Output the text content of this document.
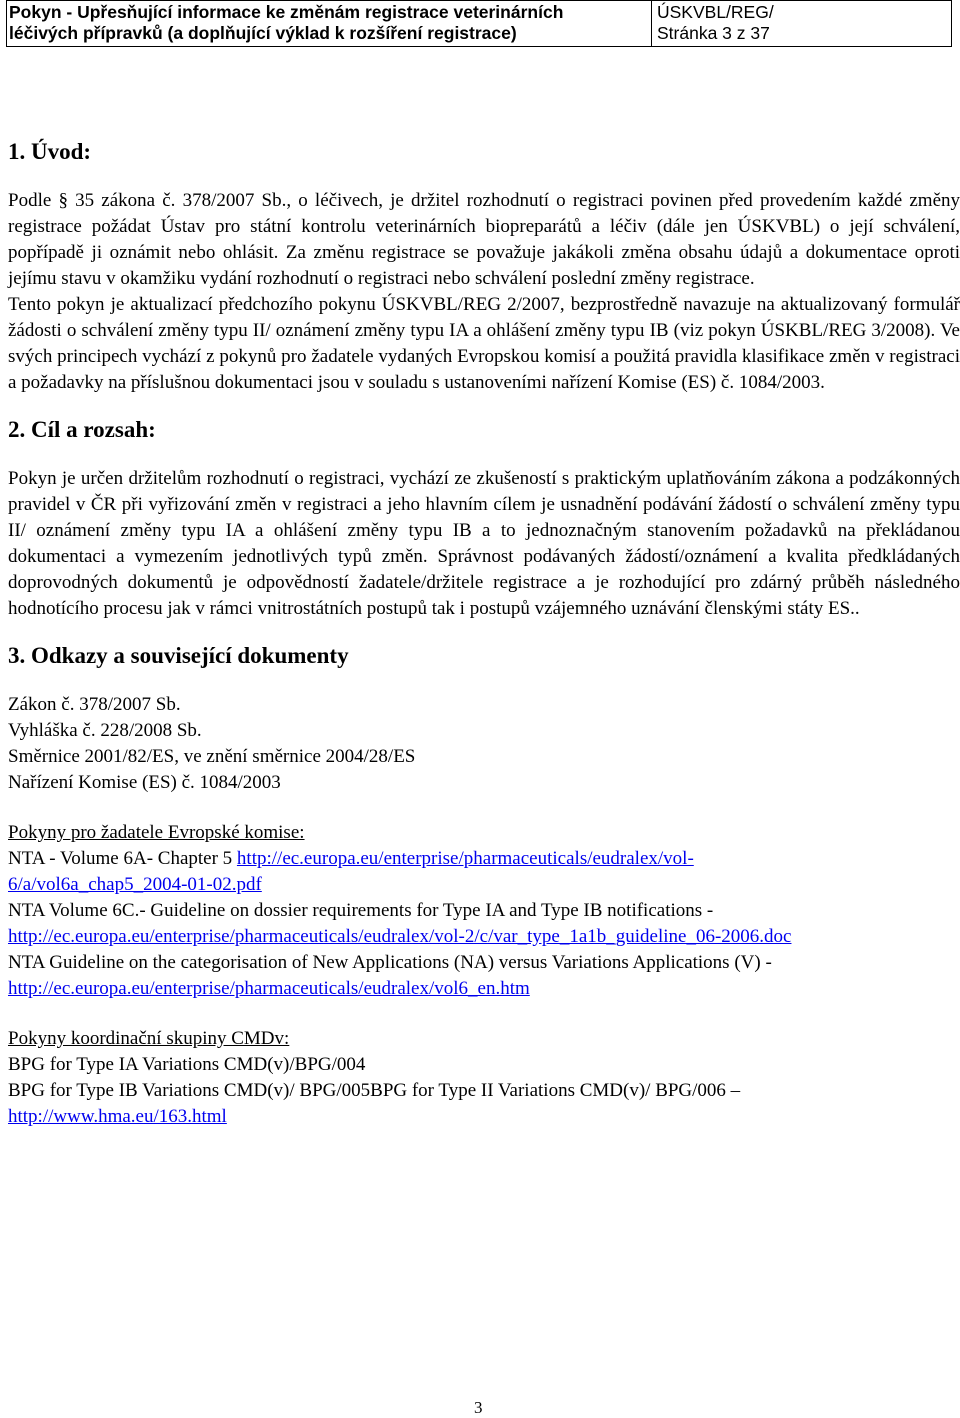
Pokyn - Upřesňující informace ke změnám registrace veterinárních
léčivých přípravků (a doplňující výklad k rozšíření registrace)
ÚSKVBL/REG/
Stránka 3 z 37
1. Úvod:

Podle § 35 zákona č. 378/2007 Sb., o léčivech, je držitel rozhodnutí o registraci povinen před provedením každé změny registrace požádat Ústav pro státní kontrolu veterinárních biopreparátů a léčiv (dále jen ÚSKVBL) o její schválení, popřípadě ji oznámit nebo ohlásit. Za změnu registrace se považuje jakákoli změna obsahu údajů a dokumentace oproti jejímu stavu v okamžiku vydání rozhodnutí o registraci nebo schválení poslední změny registrace.

Tento pokyn je aktualizací předchozího pokynu ÚSKVBL/REG 2/2007, bezprostředně navazuje na aktualizovaný formulář žádosti o schválení změny typu II/ oznámení změny typu IA a ohlášení změny typu IB (viz pokyn ÚSKBL/REG 3/2008). Ve svých principech vychází z pokynů pro žadatele vydaných Evropskou komisí a použitá pravidla klasifikace změn v registraci a požadavky na příslušnou dokumentaci jsou v souladu s ustanoveními nařízení Komise (ES) č. 1084/2003.

2. Cíl a rozsah:

Pokyn je určen držitelům rozhodnutí o registraci, vychází ze zkušeností s praktickým uplatňováním zákona a podzákonných pravidel v ČR při vyřizování změn v registraci a jeho hlavním cílem je usnadnění podávání žádostí o schválení změny typu II/ oznámení změny typu IA a ohlášení změny typu IB a to jednoznačným stanovením požadavků na překládanou dokumentaci a vymezením jednotlivých typů změn. Správnost podávaných žádostí/oznámení a kvalita předkládaných doprovodných dokumentů je odpovědností žadatele/držitele registrace a je rozhodující pro zdárný průběh následného hodnotícího procesu jak v rámci vnitrostátních postupů tak i postupů vzájemného uznávání členskými státy ES..

3. Odkazy a související dokumenty
Zákon č. 378/2007 Sb.
Vyhláška č. 228/2008 Sb.
Směrnice 2001/82/ES, ve znění směrnice 2004/28/ES
Nařízení Komise (ES) č. 1084/2003
Pokyny pro žadatele Evropské komise:
NTA - Volume 6A- Chapter 5 http://ec.europa.eu/enterprise/pharmaceuticals/eudralex/vol-
6/a/vol6a_chap5_2004-01-02.pdf
NTA Volume 6C.- Guideline on dossier requirements for Type IA and Type IB notifications -
http://ec.europa.eu/enterprise/pharmaceuticals/eudralex/vol-2/c/var_type_1a1b_guideline_06-2006.doc
NTA Guideline on the categorisation of New Applications (NA) versus Variations Applications (V) -
http://ec.europa.eu/enterprise/pharmaceuticals/eudralex/vol6_en.htm
Pokyny koordinační skupiny CMDv:
BPG for Type IA Variations CMD(v)/BPG/004
BPG for Type IB Variations CMD(v)/ BPG/005BPG for Type II Variations CMD(v)/ BPG/006 –
http://www.hma.eu/163.html
3
